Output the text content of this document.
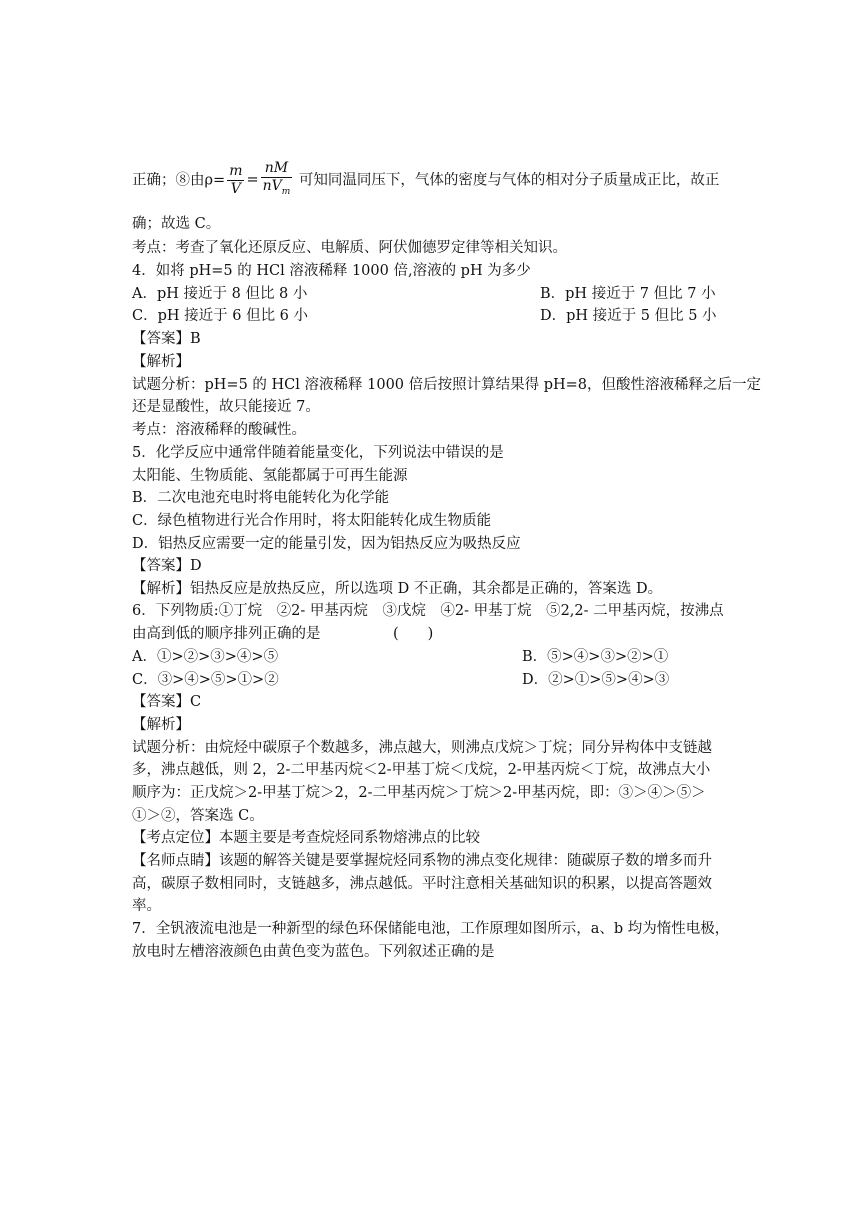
正确；⑧由$\rho= \frac{m}{V} = \frac{nM}{nV_m}$ 可知同温同压下，气体的密度与气体的相对分子质量成正比，故正
确；故选 C。
考点：考查了氧化还原反应、电解质、阿伏伽德罗定律等相关知识。
4．如将 pH=5 的 HCl 溶液稀释 1000 倍,溶液的 pH 为多少
A．pH 接近于 8 但比 8 小	B．pH 接近于 7 但比 7 小
C．pH 接近于 6 但比 6 小	D．pH 接近于 5 但比 5 小
【答案】B
【解析】
试题分析：pH=5 的 HCl 溶液稀释 1000 倍后按照计算结果得 pH=8，但酸性溶液稀释之后一定
还是显酸性，故只能接近 7。
考点：溶液稀释的酸碱性。
5．化学反应中通常伴随着能量变化，下列说法中错误的是
太阳能、生物质能、氢能都属于可再生能源
B．二次电池充电时将电能转化为化学能
C．绿色植物进行光合作用时，将太阳能转化成生物质能
D．铝热反应需要一定的能量引发，因为铝热反应为吸热反应
【答案】D
【解析】铝热反应是放热反应，所以选项 D 不正确，其余都是正确的，答案选 D。
6．下列物质:①丁烷　②2- 甲基丙烷　③戊烷　④2- 甲基丁烷　⑤2,2- 二甲基丙烷，按沸点
由高到低的顺序排列正确的是　　　　　(　　)
A．①>②>③>④>⑤	B．⑤>④>③>②>①
C．③>④>⑤>①>②	D．②>①>⑤>④>③
【答案】C
【解析】
试题分析：由烷烃中碳原子个数越多，沸点越大，则沸点戊烷＞丁烷；同分异构体中支链越
多，沸点越低，则 2，2-二甲基丙烷＜2-甲基丁烷＜戊烷，2-甲基丙烷＜丁烷，故沸点大小
顺序为：正戊烷＞2-甲基丁烷＞2，2-二甲基丙烷＞丁烷＞2-甲基丙烷，即：③＞④＞⑤＞
①＞②，答案选 C。
【考点定位】本题主要是考查烷烃同系物熔沸点的比较
【名师点睛】该题的解答关键是要掌握烷烃同系物的沸点变化规律：随碳原子数的增多而升
高，碳原子数相同时，支链越多，沸点越低。平时注意相关基础知识的积累，以提高答题效
率。
7．全钒液流电池是一种新型的绿色环保储能电池，工作原理如图所示，a、b 均为惰性电极，
放电时左槽溶液颜色由黄色变为蓝色。下列叙述正确的是
